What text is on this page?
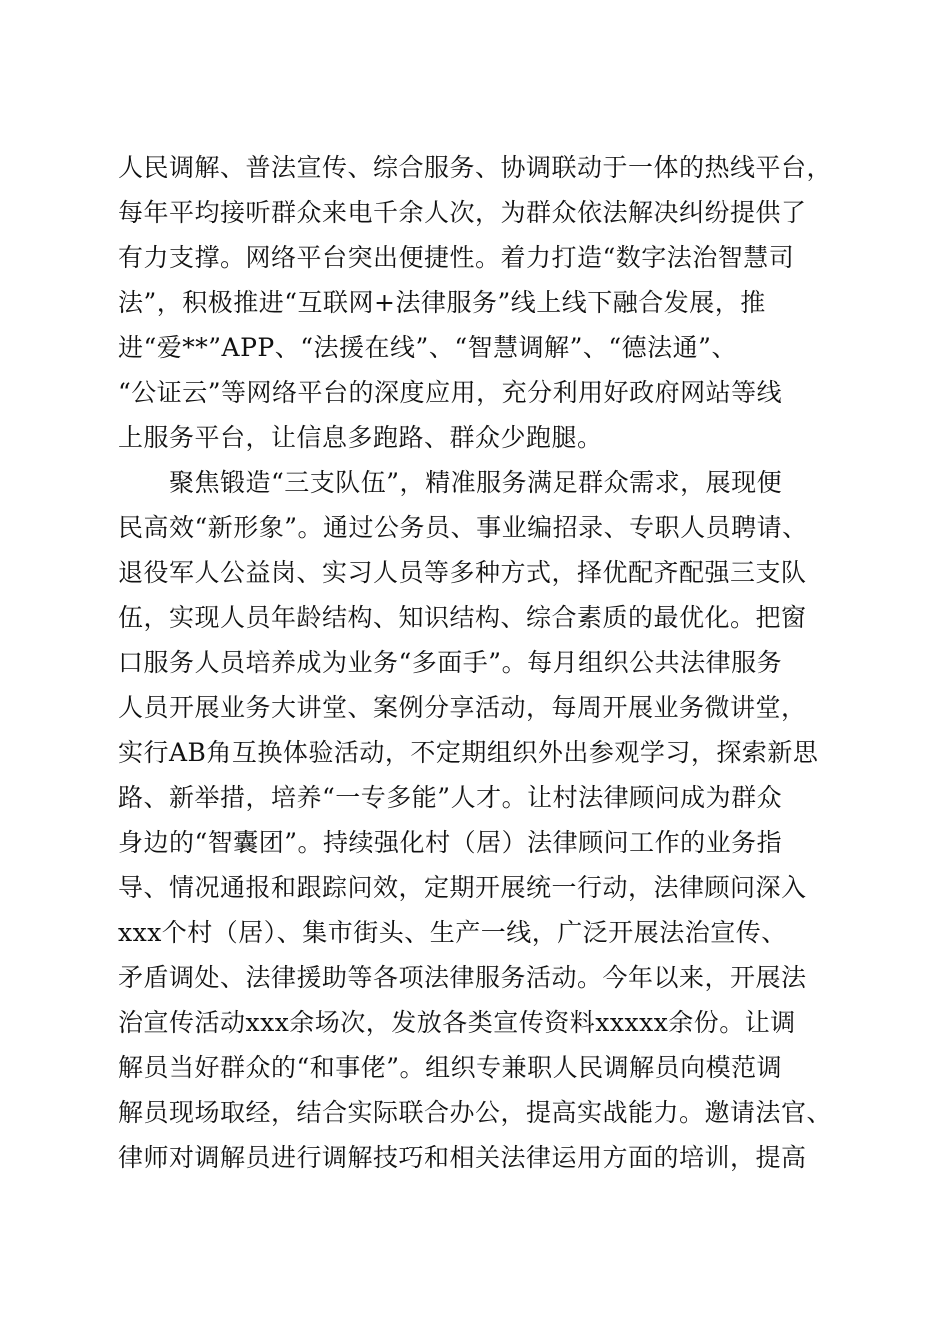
人民调解、普法宣传、综合服务、协调联动于一体的热线平台，
每年平均接听群众来电千余人次，为群众依法解决纠纷提供了
有力支撑。网络平台突出便捷性。着力打造“数字法治智慧司
法”，积极推进“互联网+法律服务”线上线下融合发展，推
进“爱**”APP、“法援在线”、“智慧调解”、“德法通”、
“公证云”等网络平台的深度应用，充分利用好政府网站等线
上服务平台，让信息多跑路、群众少跑腿。
　　聚焦锻造“三支队伍”，精准服务满足群众需求，展现便
民高效“新形象”。通过公务员、事业编招录、专职人员聘请、
退役军人公益岗、实习人员等多种方式，择优配齐配强三支队
伍，实现人员年龄结构、知识结构、综合素质的最优化。把窗
口服务人员培养成为业务“多面手”。每月组织公共法律服务
人员开展业务大讲堂、案例分享活动，每周开展业务微讲堂，
实行AB角互换体验活动，不定期组织外出参观学习，探索新思
路、新举措，培养“一专多能”人才。让村法律顾问成为群众
身边的“智囊团”。持续强化村（居）法律顾问工作的业务指
导、情况通报和跟踪问效，定期开展统一行动，法律顾问深入
xxx个村（居）、集市街头、生产一线，广泛开展法治宣传、
矛盾调处、法律援助等各项法律服务活动。今年以来，开展法
治宣传活动xxx余场次，发放各类宣传资料xxxxx余份。让调
解员当好群众的“和事佬”。组织专兼职人民调解员向模范调
解员现场取经，结合实际联合办公，提高实战能力。邀请法官、
律师对调解员进行调解技巧和相关法律运用方面的培训，提高
